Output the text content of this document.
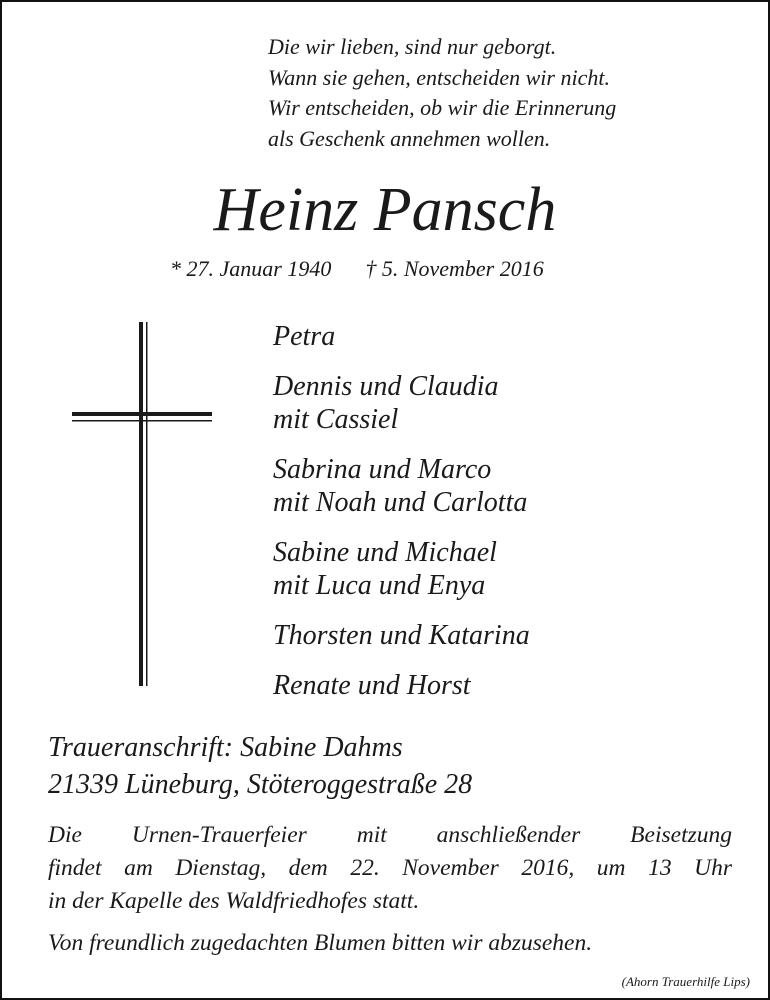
Die wir lieben, sind nur geborgt.
Wann sie gehen, entscheiden wir nicht.
Wir entscheiden, ob wir die Erinnerung
als Geschenk annehmen wollen.
Heinz Pansch
* 27. Januar 1940 † 5. November 2016
Petra
Dennis und Claudia
mit Cassiel
Sabrina und Marco
mit Noah und Carlotta
Sabine und Michael
mit Luca und Enya
Thorsten und Katarina
Renate und Horst
Traueranschrift: Sabine Dahms
21339 Lüneburg, Stöteroggestraße 28
Die Urnen-Trauerfeier mit anschließender Beisetzung
findet am Dienstag, dem 22. November 2016, um 13 Uhr
in der Kapelle des Waldfriedhofes statt.
Von freundlich zugedachten Blumen bitten wir abzusehen.
(Ahorn Trauerhilfe Lips)
